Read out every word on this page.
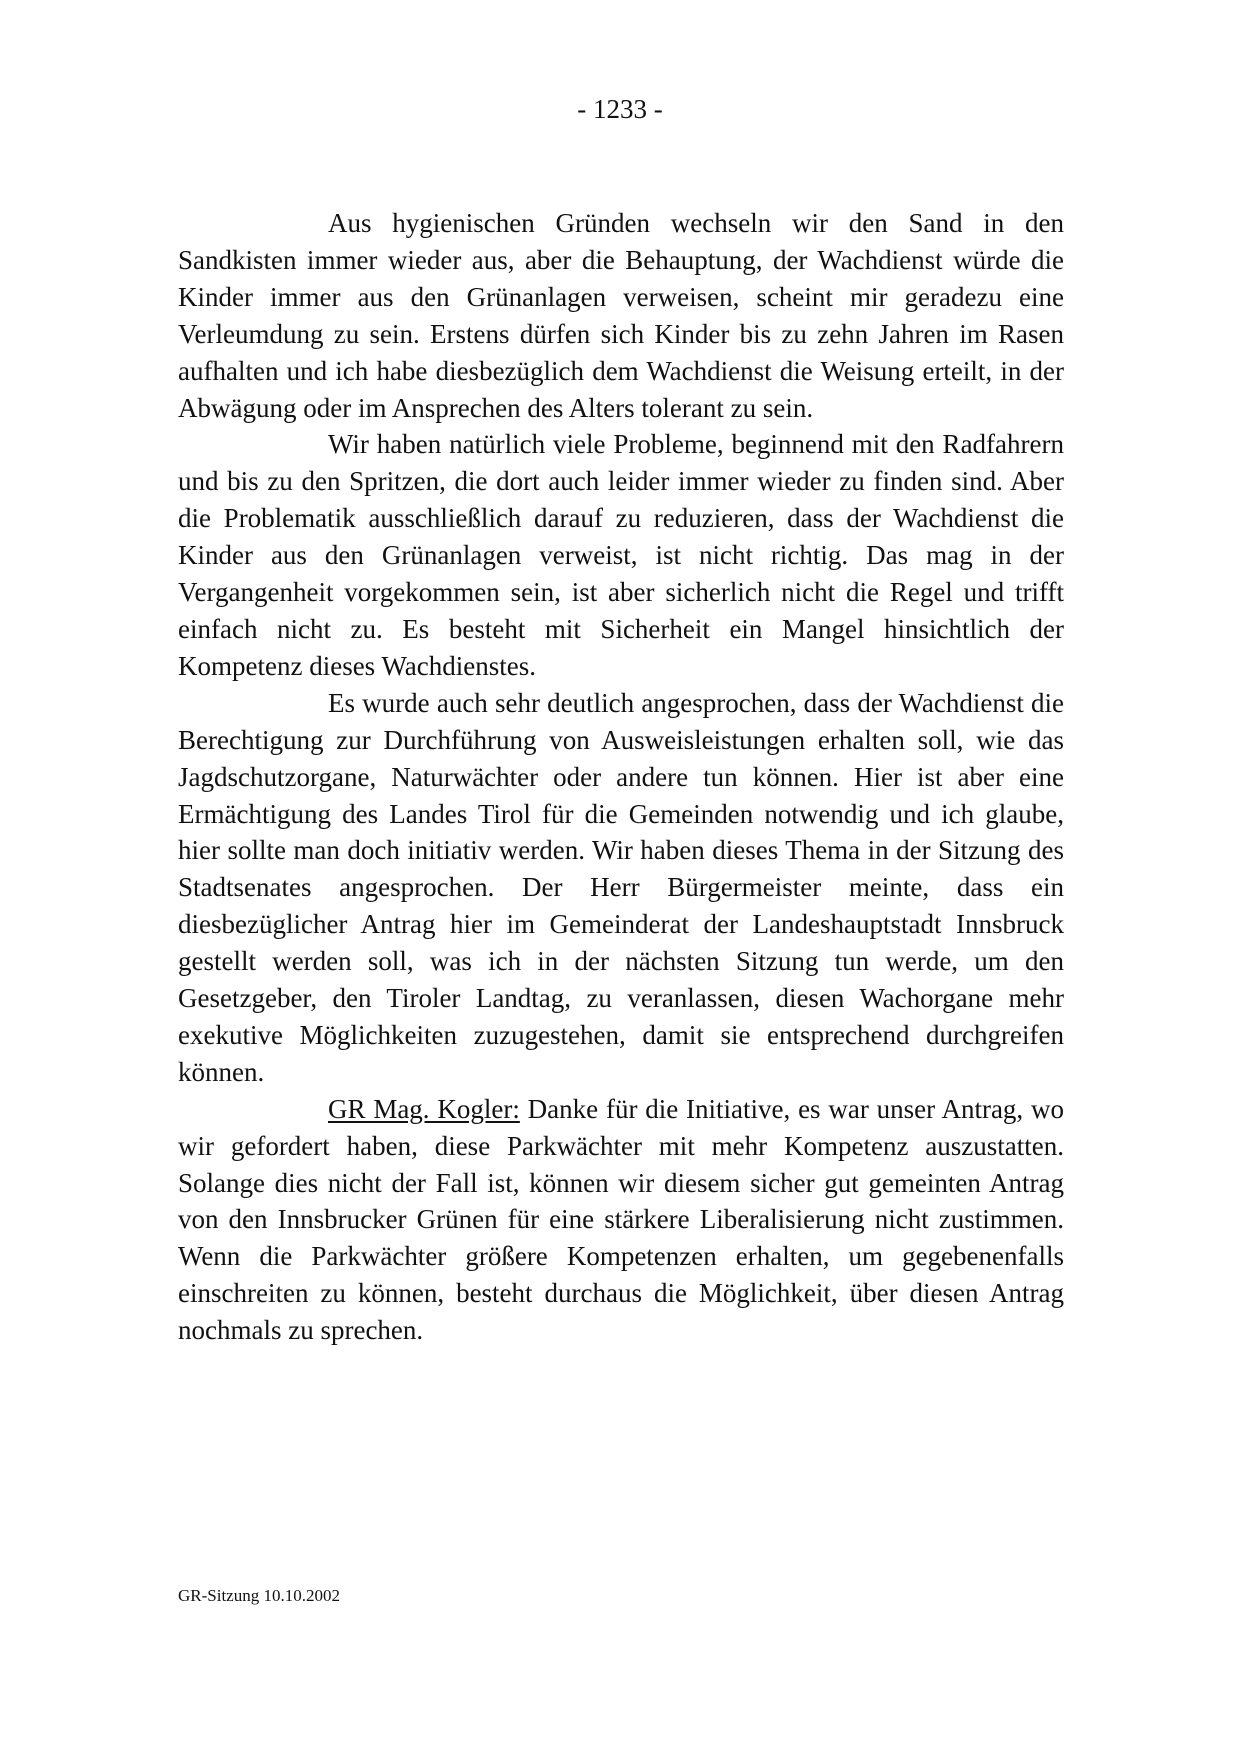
- 1233 -

Aus hygienischen Gründen wechseln wir den Sand in den Sandkisten immer wieder aus, aber die Behauptung, der Wachdienst würde die Kinder immer aus den Grünanlagen verweisen, scheint mir geradezu eine Verleumdung zu sein. Erstens dürfen sich Kinder bis zu zehn Jahren im Rasen aufhalten und ich habe diesbezüglich dem Wachdienst die Weisung erteilt, in der Abwägung oder im Ansprechen des Alters tolerant zu sein.

Wir haben natürlich viele Probleme, beginnend mit den Radfahrern und bis zu den Spritzen, die dort auch leider immer wieder zu finden sind. Aber die Problematik ausschließlich darauf zu reduzieren, dass der Wachdienst die Kinder aus den Grünanlagen verweist, ist nicht richtig. Das mag in der Vergangenheit vorgekommen sein, ist aber sicherlich nicht die Regel und trifft einfach nicht zu. Es besteht mit Sicherheit ein Mangel hinsichtlich der Kompetenz dieses Wachdienstes.

Es wurde auch sehr deutlich angesprochen, dass der Wachdienst die Berechtigung zur Durchführung von Ausweisleistungen erhalten soll, wie das Jagdschutzorgane, Naturwächter oder andere tun können. Hier ist aber eine Ermächtigung des Landes Tirol für die Gemeinden notwendig und ich glaube, hier sollte man doch initiativ werden. Wir haben dieses Thema in der Sitzung des Stadtsenates angesprochen. Der Herr Bürgermeister meinte, dass ein diesbezüglicher Antrag hier im Gemeinderat der Landeshauptstadt Innsbruck gestellt werden soll, was ich in der nächsten Sitzung tun werde, um den Gesetzgeber, den Tiroler Landtag, zu veranlassen, diesen Wachorgane mehr exekutive Möglichkeiten zuzugestehen, damit sie entsprechend durchgreifen können.

GR Mag. Kogler: Danke für die Initiative, es war unser Antrag, wo wir gefordert haben, diese Parkwächter mit mehr Kompetenz auszustatten. Solange dies nicht der Fall ist, können wir diesem sicher gut gemeinten Antrag von den Innsbrucker Grünen für eine stärkere Liberalisierung nicht zustimmen. Wenn die Parkwächter größere Kompetenzen erhalten, um gegebenenfalls einschreiten zu können, besteht durchaus die Möglichkeit, über diesen Antrag nochmals zu sprechen.

GR-Sitzung 10.10.2002
